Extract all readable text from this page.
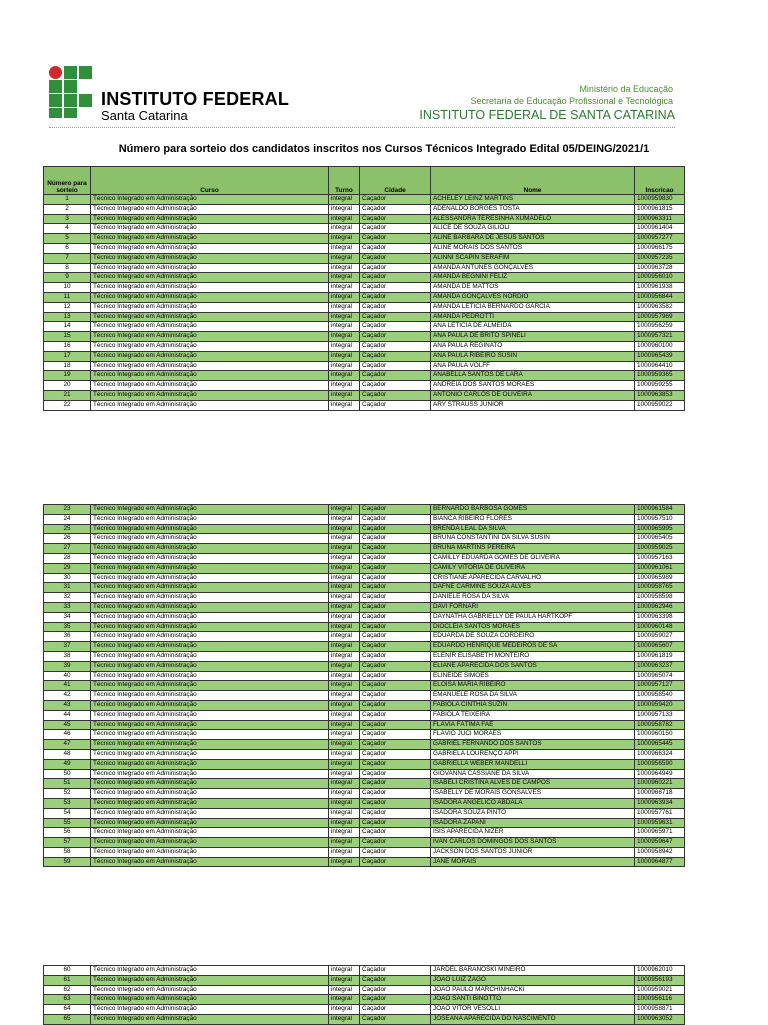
INSTITUTO FEDERAL
Santa Catarina
Ministério da Educação
Secretaria de Educação Profissional e Tecnológica
INSTITUTO FEDERAL DE SANTA CATARINA
Número para sorteio dos candidatos inscritos nos Cursos Técnicos Integrado Edital 05/DEING/2021/1
Número para sorteio	Curso	Turno	Cidade	Nome	Inscricao
1	Técnico Integrado em Administração	integral	Caçador	ACHELEY LEINZ MARTINS	1000959830
2	Técnico Integrado em Administração	integral	Caçador	ADENALDO BORGES TOSTA	1000961815
3	Técnico Integrado em Administração	integral	Caçador	ALESSANDRA TERESINHA XUMADELO	1000963311
4	Técnico Integrado em Administração	integral	Caçador	ALICE DE SOUZA GILIOLI	1000961404
5	Técnico Integrado em Administração	integral	Caçador	ALINE BARBARA DE JESUS SANTOS	1000957277
6	Técnico Integrado em Administração	integral	Caçador	ALINE MORAIS DOS SANTOS	1000966175
7	Técnico Integrado em Administração	integral	Caçador	ALINNI SCAPIN SERAFIM	1000957235
8	Técnico Integrado em Administração	integral	Caçador	AMANDA ANTUNES GONÇALVES	1000963728
9	Técnico Integrado em Administração	integral	Caçador	AMANDA BEGNINI FELIZ	1000956010
10	Técnico Integrado em Administração	integral	Caçador	AMANDA DE MATTOS	1000961938
11	Técnico Integrado em Administração	integral	Caçador	AMANDA GONÇALVES NORDIO	1000956844
12	Técnico Integrado em Administração	integral	Caçador	AMANDA LETICIA BERNARDO GARCIA	1000963582
13	Técnico Integrado em Administração	integral	Caçador	AMANDA PEDROTTI	1000957969
14	Técnico Integrado em Administração	integral	Caçador	ANA LETICIA DE ALMEIDA	1000956259
15	Técnico Integrado em Administração	integral	Caçador	ANA PAULA DE BRITO SPINELI	1000957321
16	Técnico Integrado em Administração	integral	Caçador	ANA PAULA REGINATO	1000960100
17	Técnico Integrado em Administração	integral	Caçador	ANA PAULA RIBEIRO SUSIN	1000965439
18	Técnico Integrado em Administração	integral	Caçador	ANA PAULA VOLFF	1000964410
19	Técnico Integrado em Administração	integral	Caçador	ANABELLA SANTOS DE LARA	1000959365
20	Técnico Integrado em Administração	integral	Caçador	ANDREIA DOS SANTOS MORAES	1000959255
21	Técnico Integrado em Administração	integral	Caçador	ANTONIO CARLOS DE OLIVEIRA	1000963853
22	Técnico Integrado em Administração	integral	Caçador	ARY STRAUSS JUNIOR	1000959022
23	Técnico Integrado em Administração	integral	Caçador	BERNARDO BARBOSA GOMES	1000961584
24	Técnico Integrado em Administração	integral	Caçador	BIANCA RIBEIRO FLORES	1000957510
25	Técnico Integrado em Administração	integral	Caçador	BRENDA LEAL DA SILVA	1000965995
26	Técnico Integrado em Administração	integral	Caçador	BRUNA CONSTANTINI DA SILVA SUSIN	1000965405
27	Técnico Integrado em Administração	integral	Caçador	BRUNA MARTINS PEREIRA	1000959025
28	Técnico Integrado em Administração	integral	Caçador	CAMILLY EDUARDA GOMES DE OLIVEIRA	1000957163
29	Técnico Integrado em Administração	integral	Caçador	CAMILY VITÓRIA DE OLIVEIRA	1000961061
30	Técnico Integrado em Administração	integral	Caçador	CRISTIANE APARECIDA CARVALHO	1000965989
31	Técnico Integrado em Administração	integral	Caçador	DAFNE CARMINE SOUZA ALVES	1000958765
32	Técnico Integrado em Administração	integral	Caçador	DANIELE ROSA DA SILVA	1000958598
33	Técnico Integrado em Administração	integral	Caçador	DAVI FORNARI	1000962946
34	Técnico Integrado em Administração	integral	Caçador	DAYNATHA GABRIELLY DE PAULA HARTKOPF	1000963398
35	Técnico Integrado em Administração	integral	Caçador	DIOCLEIA SANTOS MORAES	1000960148
36	Técnico Integrado em Administração	integral	Caçador	EDUARDA DE SOUZA CORDEIRO	1000959027
37	Técnico Integrado em Administração	integral	Caçador	EDUARDO HENRIQUE MEDEIROS DE SÁ	1000965607
38	Técnico Integrado em Administração	integral	Caçador	ELENIR ELISABETH MONTEIRO	1000961819
39	Técnico Integrado em Administração	integral	Caçador	ELIANE APARECIDA DOS SANTOS	1000963237
40	Técnico Integrado em Administração	integral	Caçador	ELINEIDE SIMOES	1000965074
41	Técnico Integrado em Administração	integral	Caçador	ELOISA MARIA RIBEIRO	1000957127
42	Técnico Integrado em Administração	integral	Caçador	EMANUELE ROSA DA SILVA	1000958540
43	Técnico Integrado em Administração	integral	Caçador	FABIOLA CINTHIA SUZIN	1000959420
44	Técnico Integrado em Administração	integral	Caçador	FABIOLA TEIXEIRA	1000957133
45	Técnico Integrado em Administração	integral	Caçador	FLÁVIA FÁTIMA FAÉ	1000958782
46	Técnico Integrado em Administração	integral	Caçador	FLÁVIO JUCI MORAES	1000960150
47	Técnico Integrado em Administração	integral	Caçador	GABRIEL FERNANDO DOS SANTOS	1000965445
48	Técnico Integrado em Administração	integral	Caçador	GABRIELA LOURENÇO APPI	1000966324
49	Técnico Integrado em Administração	integral	Caçador	GABRIELLA WEBER MANDELLI	1000956590
50	Técnico Integrado em Administração	integral	Caçador	GIOVANNA CASSIANE DA SILVA	1000964949
51	Técnico Integrado em Administração	integral	Caçador	ISABELI CRISTINA ALVES DE CAMPOS	1000960221
52	Técnico Integrado em Administração	integral	Caçador	ISABELLY DE MORAIS GONSALVES	1000966718
53	Técnico Integrado em Administração	integral	Caçador	ISADORA ANGELICO ABDALA	1000963934
54	Técnico Integrado em Administração	integral	Caçador	ISADORA SOUZA PINTO	1000957761
55	Técnico Integrado em Administração	integral	Caçador	ISADORA ZAPANI	1000959631
56	Técnico Integrado em Administração	integral	Caçador	ISIS APARECIDA NIZER	1000965971
57	Técnico Integrado em Administração	integral	Caçador	IVAN CARLOS DOMINGOS DOS SANTOS	1000959647
58	Técnico Integrado em Administração	integral	Caçador	JACKSON DOS SANTOS JUNIOR	1000958942
59	Técnico Integrado em Administração	integral	Caçador	JANE MORAIS	1000964877
60	Técnico Integrado em Administração	integral	Caçador	JARDEL BARANOSKI MINEIRO	1000962010
61	Técnico Integrado em Administração	integral	Caçador	JOAO LUIZ ZAGO	1000956193
62	Técnico Integrado em Administração	integral	Caçador	JOAO PAULO MARCHINHACKI	1000959021
63	Técnico Integrado em Administração	integral	Caçador	JOAO SANTI BINOTTO	1000956116
64	Técnico Integrado em Administração	integral	Caçador	JOAO VITOR VESOLLI	1000958871
65	Técnico Integrado em Administração	integral	Caçador	JOSEANA APARECIDA DO NASCIMENTO	1000963052
